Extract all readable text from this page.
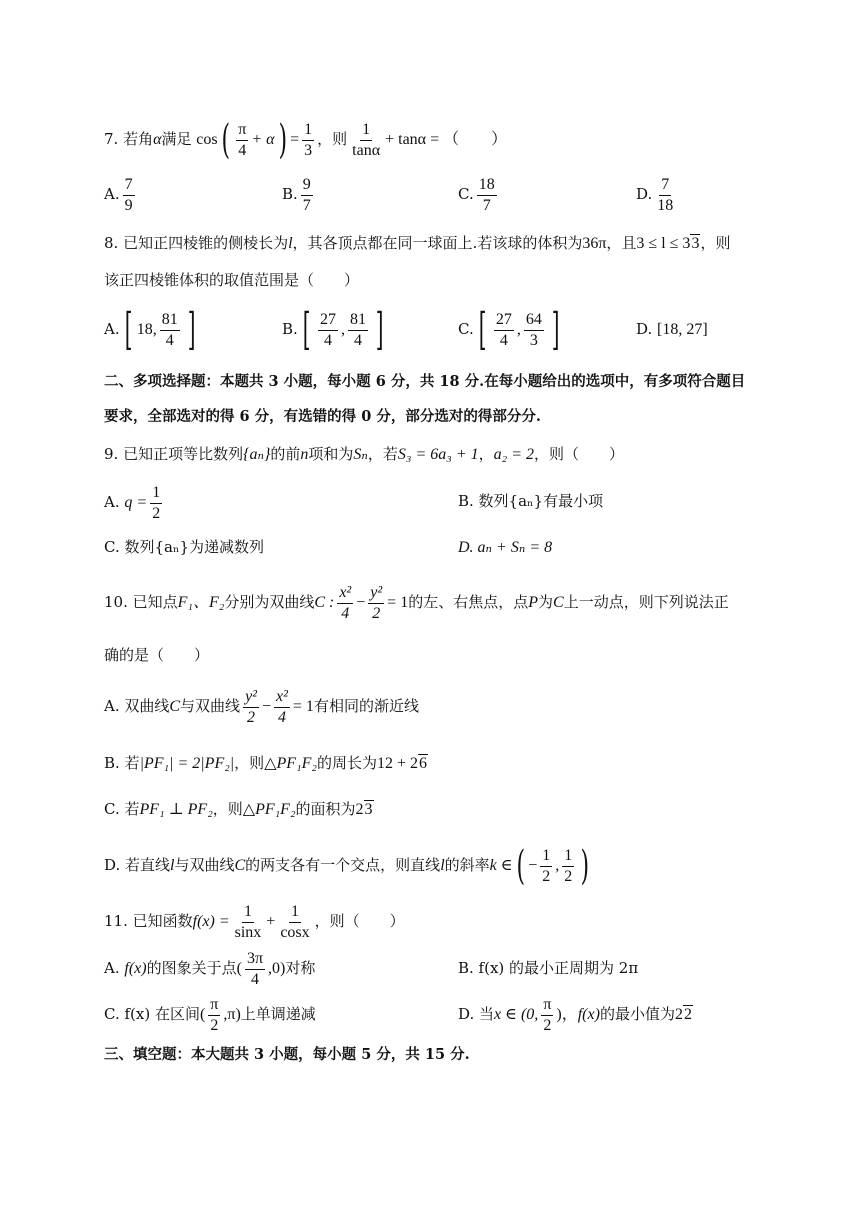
7. 若角α满足 $\cos( \frac{\pi}{4} + \alpha) = \frac{1}{3}$ ，则 $\frac{1}{\tan\alpha} + \tan\alpha$ = （　　）
A. $\frac{7}{9}$	B. $\frac{9}{7}$	C. $\frac{18}{7}$	D. $\frac{7}{18}$
8. 已知正四棱锥的侧棱长为l，其各顶点都在同一球面上.若该球的体积为36π，且3 ≤ l ≤ 33，则
该正四棱锥体积的取值范围是（　　）
A. [ 18, $\frac{81}{4}$ ]	B. [ $\frac{27}{4}$ , $\frac{81}{4}$ ]	C. [ $\frac{27}{4}$ , $\frac{64}{3}$ ]	D. [18, 27]
二、多项选择题：本题共 3 小题，每小题 6 分，共 18 分.在每小题给出的选项中，有多项符合题目
要求，全部选对的得 6 分，有选错的得 0 分，部分选对的得部分分.
9. 已知正项等比数列{aₙ}的前n项和为Sₙ，若S₃ = 6a₃ + 1，a₂ = 2，则（　　）
A. $q = \frac{1}{2}$	B. 数列{aₙ}有最小项
C. 数列{aₙ}为递减数列	D. aₙ + Sₙ = 8
10. 已知点F₁、F₂分别为双曲线C : $\frac{\text{x²}}{4} - \frac{\text{y²}}{2} = 1$的左、右焦点，点P为C上一动点，则下列说法正
确的是（　　）
A. 双曲线C与双曲线 $\frac{\text{y²}}{2} - \frac{\text{x²}}{4} = 1$有相同的渐近线
B. 若|PF₁| = 2|PF₂|，则△PF₁F₂的周长为12 + 26
C. 若PF₁ ⊥ PF₂，则△PF₁F₂的面积为23
D. 若直线l与双曲线C的两支各有一个交点，则直线l的斜率k ∈( − $\frac{1}{2}$ , $\frac{1}{2}$ )
11. 已知函数$f(x) = \frac{1}{\sin x} + \frac{1}{\cos x}$ ，则（　　）
A. f(x)的图象关于点( $\frac{3\pi}{4} ,0$)对称	B. f(x) 的最小正周期为 2π
C. f(x) 在区间( $\frac{\pi}{2} ,\pi$)上单调递减	D. 当x ∈ (0, $\frac{\pi}{2}$ )，f(x)的最小值为22
三、填空题：本大题共 3 小题，每小题 5 分，共 15 分.
